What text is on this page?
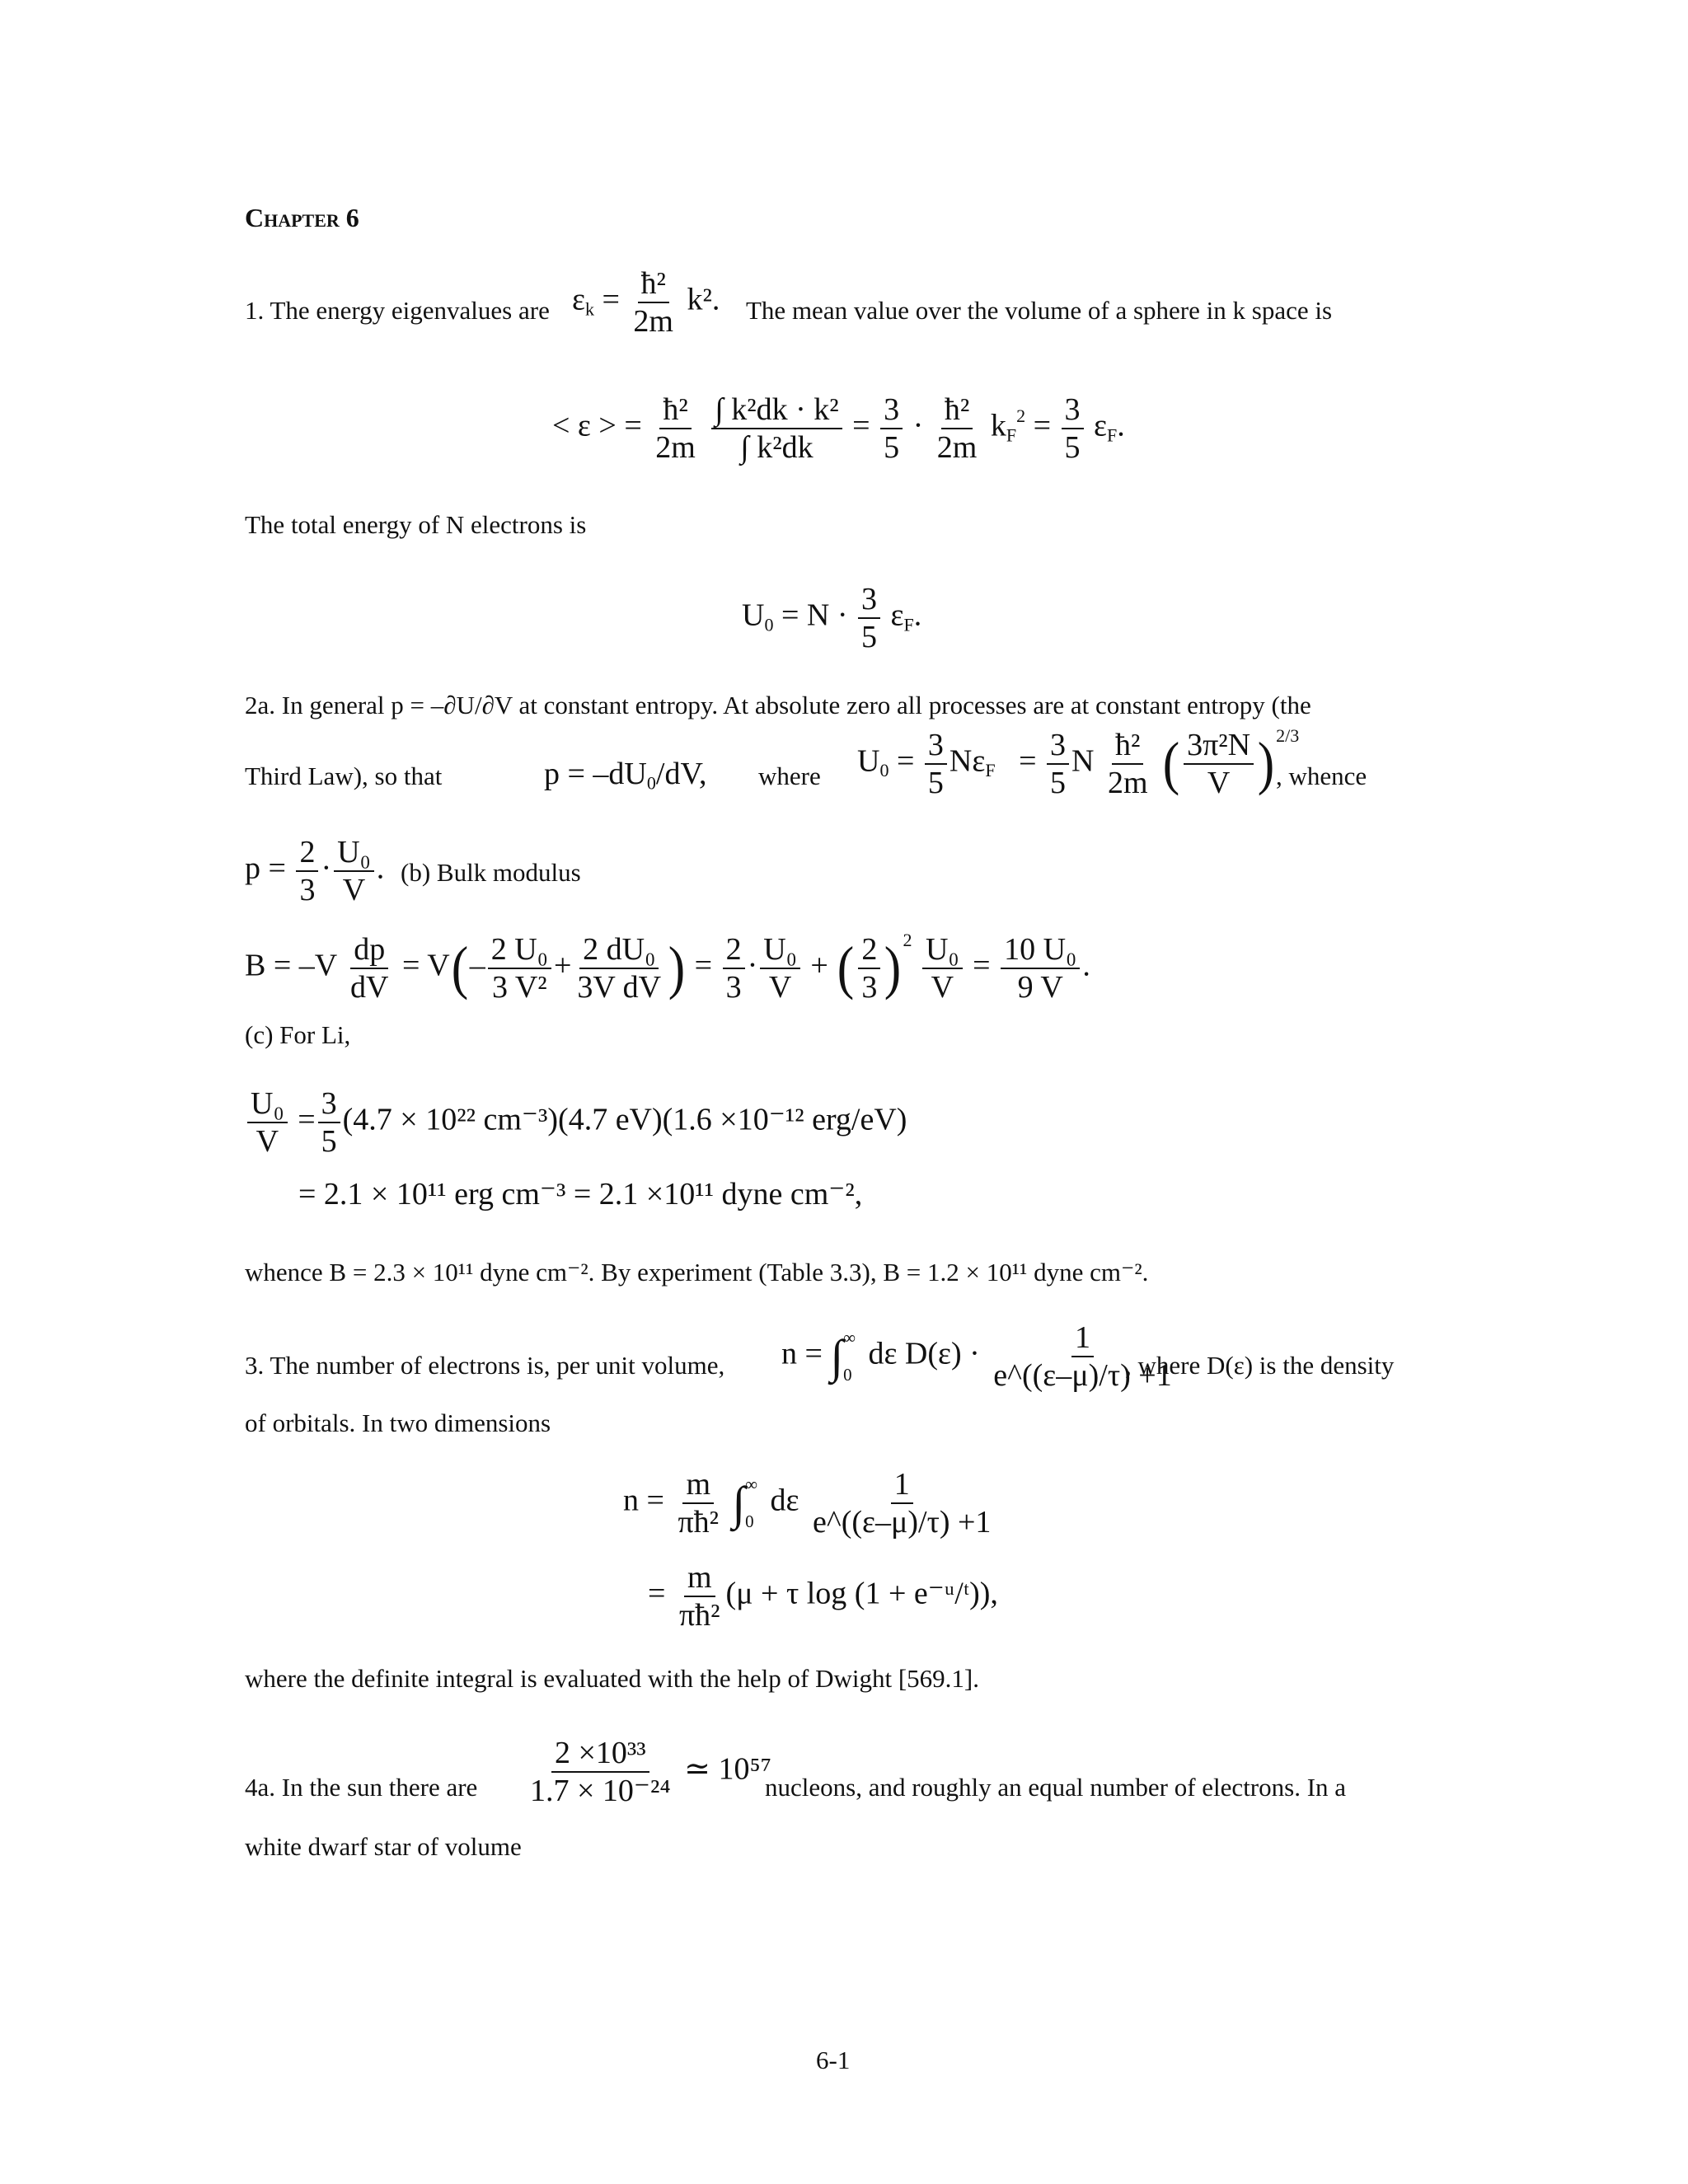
Chapter 6
1. The energy eigenvalues are $\varepsilon_k = \frac{\text{ħ²}}{2m} k^2$. The mean value over the volume of a sphere in k space is
< ε > = $\frac{\text{ħ²}}{2m}$
$\frac{\text{∫ k²dk · k²}}{\text{∫ k²dk}} = \frac{3}{5} \cdot \frac{\text{ħ²}}{2m} k_F^2 = \frac{3}{5} \varepsilon_F$.
The total energy of N electrons is
$U_0 = N \cdot \frac{3}{5} \varepsilon_F$.
2a. In general p = –∂U/∂V at constant entropy. At absolute zero all processes are at constant entropy (the
Third Law), so that	$p = -dU_0/dV$, where $U_0 = \frac{3}{5} N\varepsilon_F = \frac{3}{5}$ N $\frac{\text{ħ²}}{2m}$ ( $\frac{\text{3π²N}}{V} )^{2/3}$
, whence
$p = \frac{2}{3} \cdot \frac{\text{U₀}}{V}$ . (b) Bulk modulus
$B = -V \frac{dp}{dV} = V(- \frac{\text{2 U₀}}{\text{3 V²}} + \frac{\text{2 dU₀}}{\text{3V dV}}$ ) = $\frac{2}{3} \cdot \frac{\text{U₀}}{V}$ + ( $\frac{2}{3} )^2 \frac{\text{U₀}}{V} = \frac{\text{10 U₀}}{9 V}$ .
(c) For Li,
$\frac{\text{U₀}}{V} = \frac{3}{5} (4.7 \times 10^{22}$ cm⁻³)(4.7 eV)(1.6 ×10⁻¹² erg/eV)
= 2.1 × 10¹¹ erg cm⁻³ = 2.1 ×10¹¹ dyne cm⁻²,
whence B = 2.3 × 10¹¹ dyne cm⁻². By experiment (Table 3.3), B = 1.2 × 10¹¹ dyne cm⁻².
3. The number of electrons is, per unit volume, n = ∫ ∞
0
dε $D(\varepsilon) \cdot \frac{1}{e\^{}((\varepsilon-\mu)/\tau) +1}$
, where D(ε) is the density
of orbitals. In two dimensions
$n = \frac{m}{\text{πħ²}}$ ∫ ∞
0
dε $\frac{1}{e\^{}((\varepsilon-\mu)/\tau) +1}$
= $\frac{m}{\text{πħ²}} (\mu + \tau$ log (1 + e⁻ᵘ/ᵗ)),
where the definite integral is evaluated with the help of Dwight [569.1].
4a. In the sun there are $\frac{\text{2 ×10³³}}{\text{1.7 × 10⁻²⁴}}$ ≃ 10⁵⁷
nucleons, and roughly an equal number of electrons. In a
white dwarf star of volume
6-1
